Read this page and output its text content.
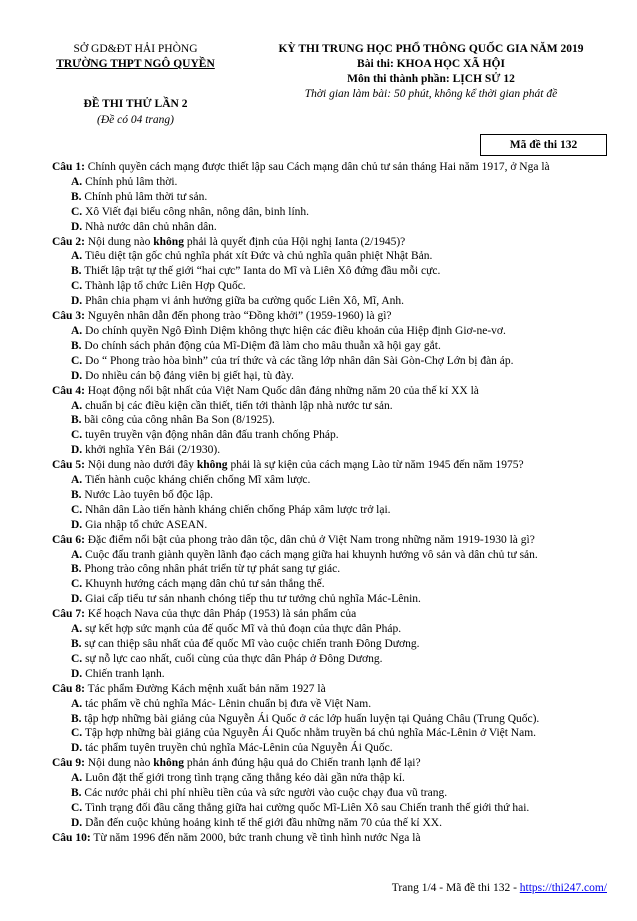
SỞ GD&ĐT HẢI PHÒNG
TRƯỜNG THPT NGÔ QUYỀN
KỲ THI TRUNG HỌC PHỔ THÔNG QUỐC GIA NĂM 2019
Bài thi: KHOA HỌC XÃ HỘI
Môn thi thành phần: LỊCH SỬ 12
Thời gian làm bài: 50 phút, không kể thời gian phát đề
ĐỀ THI THỬ LẦN 2
(Đề có 04 trang)
Mã đề thi 132
Câu 1: Chính quyền cách mạng được thiết lập sau Cách mạng dân chủ tư sản tháng Hai năm 1917, ở Nga là
A. Chính phủ lâm thời.
B. Chính phủ lâm thời tư sản.
C. Xô Viết đại biểu công nhân, nông dân, binh lính.
D. Nhà nước dân chủ nhân dân.
Câu 2: Nội dung nào không phải là quyết định của Hội nghị Ianta (2/1945)?
A. Tiêu diệt tận gốc chủ nghĩa phát xít Đức và chủ nghĩa quân phiệt Nhật Bản.
B. Thiết lập trật tự thế giới “hai cực” Ianta do Mĩ và Liên Xô đứng đầu mỗi cực.
C. Thành lập tổ chức Liên Hợp Quốc.
D. Phân chia phạm vi ảnh hưởng giữa ba cường quốc Liên Xô, Mĩ, Anh.
Câu 3: Nguyên nhân dẫn đến phong trào “Đồng khởi” (1959-1960) là gì?
A. Do chính quyền Ngô Đình Diệm không thực hiện các điều khoản của Hiệp định Giơ-ne-vơ.
B. Do chính sách phản động của Mĩ-Diệm đã làm cho mâu thuẫn xã hội gay gắt.
C. Do “ Phong trào hòa bình” của trí thức và các tầng lớp nhân dân Sài Gòn-Chợ Lớn bị đàn áp.
D. Do nhiều cán bộ đảng viên bị giết hại, tù đày.
Câu 4: Hoạt động nổi bật nhất của Việt Nam Quốc dân đảng những năm 20 của thế kỉ XX là
A. chuẩn bị các điều kiện cần thiết, tiến tới thành lập nhà nước tư sản.
B. bãi công của công nhân Ba Son (8/1925).
C. tuyên truyền vận động nhân dân đấu tranh chống Pháp.
D. khởi nghĩa Yên Bái (2/1930).
Câu 5: Nội dung nào dưới đây không phải là sự kiện của cách mạng Lào từ năm 1945 đến năm 1975?
A. Tiến hành cuộc kháng chiến chống Mĩ xâm lược.
B. Nước Lào tuyên bố độc lập.
C. Nhân dân Lào tiến hành kháng chiến chống Pháp xâm lược trở lại.
D. Gia nhập tổ chức ASEAN.
Câu 6: Đặc điểm nổi bật của phong trào dân tộc, dân chủ ở Việt Nam trong những năm 1919-1930 là gì?
A. Cuộc đấu tranh giành quyền lãnh đạo cách mạng giữa hai khuynh hướng vô sản và dân chủ tư sản.
B. Phong trào công nhân phát triển từ tự phát sang tự giác.
C. Khuynh hướng cách mạng dân chủ tư sản thắng thế.
D. Giai cấp tiểu tư sản nhanh chóng tiếp thu tư tưởng chủ nghĩa Mác-Lênin.
Câu 7: Kế hoạch Nava của thực dân Pháp (1953) là sản phẩm của
A. sự kết hợp sức mạnh của đế quốc Mĩ và thủ đoạn của thực dân Pháp.
B. sự can thiệp sâu nhất của đế quốc Mĩ vào cuộc chiến tranh Đông Dương.
C. sự nỗ lực cao nhất, cuối cùng của thực dân Pháp ở Đông Dương.
D. Chiến tranh lạnh.
Câu 8: Tác phẩm Đường Kách mệnh xuất bản năm 1927 là
A. tác phẩm về chủ nghĩa Mác- Lênin chuẩn bị đưa về Việt Nam.
B. tập hợp những bài giảng của Nguyễn Ái Quốc ở các lớp huấn luyện tại Quảng Châu (Trung Quốc).
C. Tập hợp những bài giảng của Nguyễn Ái Quốc nhằm truyền bá chủ nghĩa Mác-Lênin ở Việt Nam.
D. tác phẩm tuyên truyền chủ nghĩa Mác-Lênin của Nguyễn Ái Quốc.
Câu 9: Nội dung nào không phản ánh đúng hậu quả do Chiến tranh lạnh để lại?
A. Luôn đặt thế giới trong tình trạng căng thẳng kéo dài gần nửa thập kỉ.
B. Các nước phải chi phí nhiều tiền của và sức người vào cuộc chạy đua vũ trang.
C. Tình trạng đối đầu căng thẳng giữa hai cường quốc Mĩ-Liên Xô sau Chiến tranh thế giới thứ hai.
D. Dẫn đến cuộc khủng hoảng kinh tế thế giới đầu những năm 70 của thế kỉ XX.
Câu 10: Từ năm 1996 đến năm 2000, bức tranh chung về tình hình nước Nga là
Trang 1/4 - Mã đề thi 132 - https://thi247.com/
